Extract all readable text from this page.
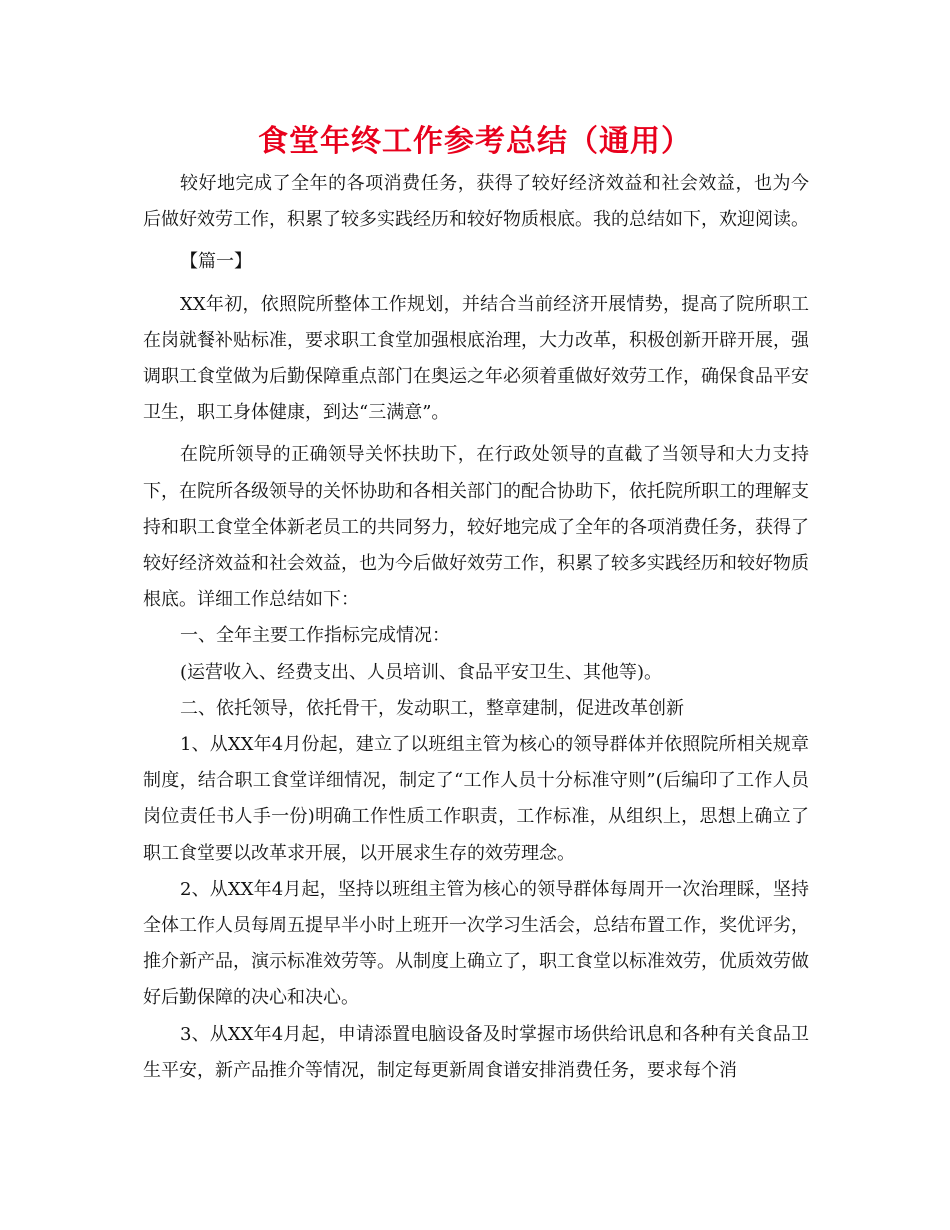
食堂年终工作参考总结（通用）

较好地完成了全年的各项消费任务，获得了较好经济效益和社会效益，也为今后做好效劳工作，积累了较多实践经历和较好物质根底。我的总结如下，欢迎阅读。

【篇一】

XX年初，依照院所整体工作规划，并结合当前经济开展情势，提高了院所职工在岗就餐补贴标准，要求职工食堂加强根底治理，大力改革，积极创新开辟开展，强调职工食堂做为后勤保障重点部门在奥运之年必须着重做好效劳工作，确保食品平安卫生，职工身体健康，到达“三满意”。

在院所领导的正确领导关怀扶助下，在行政处领导的直截了当领导和大力支持下，在院所各级领导的关怀协助和各相关部门的配合协助下，依托院所职工的理解支持和职工食堂全体新老员工的共同努力，较好地完成了全年的各项消费任务，获得了较好经济效益和社会效益，也为今后做好效劳工作，积累了较多实践经历和较好物质根底。详细工作总结如下：

一、全年主要工作指标完成情况：

(运营收入、经费支出、人员培训、食品平安卫生、其他等)。

二、依托领导，依托骨干，发动职工，整章建制，促进改革创新

1、从XX年4月份起，建立了以班组主管为核心的领导群体并依照院所相关规章制度，结合职工食堂详细情况，制定了“工作人员十分标准守则”(后编印了工作人员岗位责任书人手一份)明确工作性质工作职责，工作标准，从组织上，思想上确立了职工食堂要以改革求开展，以开展求生存的效劳理念。

2、从XX年4月起，坚持以班组主管为核心的领导群体每周开一次治理睬，坚持全体工作人员每周五提早半小时上班开一次学习生活会，总结布置工作，奖优评劣，推介新产品，演示标准效劳等。从制度上确立了，职工食堂以标准效劳，优质效劳做好后勤保障的决心和决心。

3、从XX年4月起，申请添置电脑设备及时掌握市场供给讯息和各种有关食品卫生平安，新产品推介等情况，制定每更新周食谱安排消费任务，要求每个消
